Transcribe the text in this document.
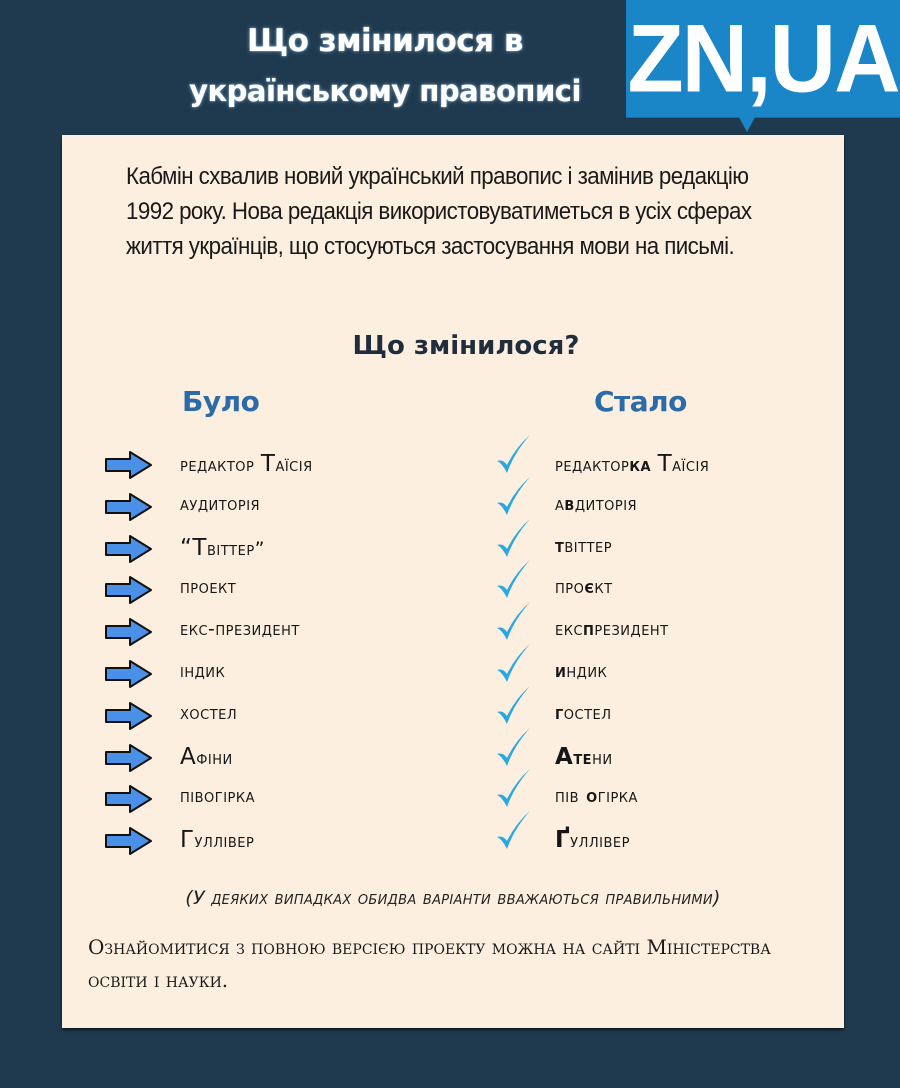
Що змінилося в
українському правописі ZN,UA

Кабмін схвалив новий український правопис і замінив редакцію 1992 року. Нова редакція використовуватиметься в усіх сферах життя українців, що стосуються застосування мови на письмі.

Що змінилося?
Було	Стало
редактор Таїсія	редакторка Таїсія
аудиторія	авдиторія
“Твіттер”	твіттер
проект	проєкт
екс-президент	експрезидент
індик	индик
хостел	гостел
Афіни	Атени
півогірка	пів огірка
Гуллівер	Ґуллівер
(У деяких випадках обидва варіанти вважаються правильними)
Ознайомитися з повною версією проекту можна на сайті Міністерства освіти і науки.
